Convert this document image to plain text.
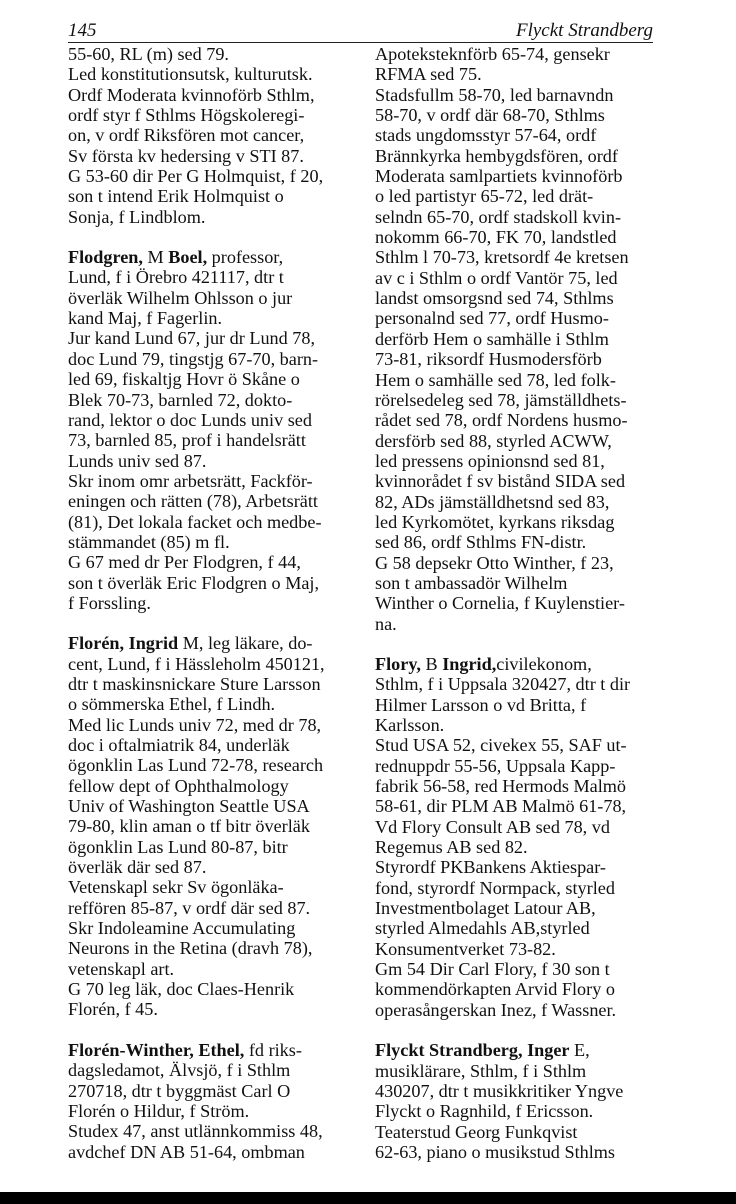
145	Flyckt Strandberg

55-60, RL (m) sed 79.

Led konstitutionsutsk, kulturutsk.

Ordf Moderata kvinnoförb Sthlm,

ordf styr f Sthlms Högskoleregi-

on, v ordf Riksfören mot cancer,

Sv första kv hedersing v STI 87.

G 53-60 dir Per G Holmquist, f 20,

son t intend Erik Holmquist o

Sonja, f Lindblom.

Flodgren, M Boel, professor,

Lund, f i Örebro 421117, dtr t

överläk Wilhelm Ohlsson o jur

kand Maj, f Fagerlin.

Jur kand Lund 67, jur dr Lund 78,

doc Lund 79, tingstjg 67-70, barn-

led 69, fiskaltjg Hovr ö Skåne o

Blek 70-73, barnled 72, dokto-

rand, lektor o doc Lunds univ sed

73, barnled 85, prof i handelsrätt

Lunds univ sed 87.

Skr inom omr arbetsrätt, Fackför-

eningen och rätten (78), Arbetsrätt

(81), Det lokala facket och medbe-

stämmandet (85) m fl.

G 67 med dr Per Flodgren, f 44,

son t överläk Eric Flodgren o Maj,

f Forssling.

Florén, Ingrid M, leg läkare, do-

cent, Lund, f i Hässleholm 450121,

dtr t maskinsnickare Sture Larsson

o sömmerska Ethel, f Lindh.

Med lic Lunds univ 72, med dr 78,

doc i oftalmiatrik 84, underläk

ögonklin Las Lund 72-78, research

fellow dept of Ophthalmology

Univ of Washington Seattle USA

79-80, klin aman o tf bitr överläk

ögonklin Las Lund 80-87, bitr

överläk där sed 87.

Vetenskapl sekr Sv ögonläka-

reffören 85-87, v ordf där sed 87.

Skr Indoleamine Accumulating

Neurons in the Retina (dravh 78),

vetenskapl art.

G 70 leg läk, doc Claes-Henrik

Florén, f 45.

Florén-Winther, Ethel, fd riks-

dagsledamot, Älvsjö, f i Sthlm

270718, dtr t byggmäst Carl O

Florén o Hildur, f Ström.

Studex 47, anst utlännkommiss 48,

avdchef DN AB 51-64, ombman

Apoteksteknförb 65-74, gensekr

RFMA sed 75.

Stadsfullm 58-70, led barnavndn

58-70, v ordf där 68-70, Sthlms

stads ungdomsstyr 57-64, ordf

Brännkyrka hembygdsfören, ordf

Moderata samlpartiets kvinnoförb

o led partistyr 65-72, led drät-

selndn 65-70, ordf stadskoll kvin-

nokomm 66-70, FK 70, landstled

Sthlm l 70-73, kretsordf 4e kretsen

av c i Sthlm o ordf Vantör 75, led

landst omsorgsnd sed 74, Sthlms

personalnd sed 77, ordf Husmo-

derförb Hem o samhälle i Sthlm

73-81, riksordf Husmodersförb

Hem o samhälle sed 78, led folk-

rörelsedeleg sed 78, jämställdhets-

rådet sed 78, ordf Nordens husmo-

dersförb sed 88, styrled ACWW,

led pressens opinionsnd sed 81,

kvinnorådet f sv bistånd SIDA sed

82, ADs jämställdhetsnd sed 83,

led Kyrkomötet, kyrkans riksdag

sed 86, ordf Sthlms FN-distr.

G 58 depsekr Otto Winther, f 23,

son t ambassadör Wilhelm

Winther o Cornelia, f Kuylenstier-

na.

Flory, B Ingrid,civilekonom,

Sthlm, f i Uppsala 320427, dtr t dir

Hilmer Larsson o vd Britta, f

Karlsson.

Stud USA 52, civekex 55, SAF ut-

rednuppdr 55-56, Uppsala Kapp-

fabrik 56-58, red Hermods Malmö

58-61, dir PLM AB Malmö 61-78,

Vd Flory Consult AB sed 78, vd

Regemus AB sed 82.

Styrordf PKBankens Aktiespar-

fond, styrordf Normpack, styrled

Investmentbolaget Latour AB,

styrled Almedahls AB,styrled

Konsumentverket 73-82.

Gm 54 Dir Carl Flory, f 30 son t

kommendörkapten Arvid Flory o

operasångerskan Inez, f Wassner.

Flyckt Strandberg, Inger E,

musiklärare, Sthlm, f i Sthlm

430207, dtr t musikkritiker Yngve

Flyckt o Ragnhild, f Ericsson.

Teaterstud Georg Funkqvist

62-63, piano o musikstud Sthlms
